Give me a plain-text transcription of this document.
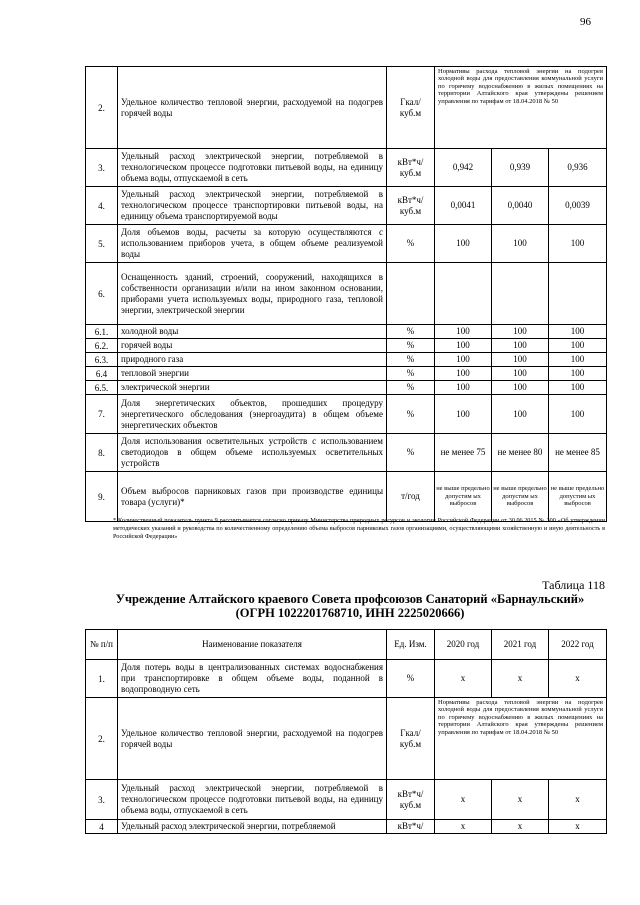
96
2.	Удельное количество тепловой энергии, расходуемой на подогрев горячей воды	Гкал/ куб.м	Нормативы расхода тепловой энергии на подогрев холодной воды для предоставления коммунальной услуги по горячему водоснабжению в жилых помещениях на территории Алтайского края утверждены решением управления по тарифам от 18.04.2018 № 50		
3.	Удельный расход электрической энергии, потребляемой в технологическом процессе подготовки питьевой воды, на единицу объема воды, отпускаемой в сеть	кВт*ч/ куб.м	0,942	0,939	0,936
4.	Удельный расход электрической энергии, потребляемой в технологическом процессе транспортировки питьевой воды, на единицу объема транспортируемой воды	кВт*ч/ куб.м	0,0041	0,0040	0,0039
5.	Доля объемов воды, расчеты за которую осуществляются с использованием приборов учета, в общем объеме реализуемой воды	%	100	100	100
6.	Оснащенность зданий, строений, сооружений, находящихся в собственности организации и/или на ином законном основании, приборами учета используемых воды, природного газа, тепловой энергии, электрической энергии				
6.1.	холодной воды	%	100	100	100
6.2.	горячей воды	%	100	100	100
6.3.	природного газа	%	100	100	100
6.4	тепловой энергии	%	100	100	100
6.5.	электрической энергии	%	100	100	100
7.	Доля энергетических объектов, прошедших процедуру энергетического обследования (энергоаудита) в общем объеме энергетических объектов	%	100	100	100
8.	Доля использования осветительных устройств с использованием светодиодов в общем объеме используемых осветительных устройств	%	не менее 75	не менее 80	не менее 85
9.	Объем выбросов парниковых газов при производстве единицы товара (услуги)*	т/год	не выше предельно допустим ых выбросов	не выше предельно допустим ых выбросов	не выше предельно допустим ых выбросов
* Количественный показатель пункта 9 рассчитывается согласно приказу Министерства природных ресурсов и экологии Российской Федерации от 30.06.2015 № 300 «Об утверждении методических указаний и руководства по количественному определению объема выбросов парниковых газов организациями, осуществляющими хозяйственную и иную деятельность в Российской Федерации»
Таблица 118
Учреждение Алтайского краевого Совета профсоюзов Санаторий «Барнаульский»
(ОГРН 1022201768710, ИНН 2225020666)
№ п/п	Наименование показателя	Ед. Изм.	2020 год	2021 год	2022 год
1.	Доля потерь воды в централизованных системах водоснабжения при транспортировке в общем объеме воды, поданной в водопроводную сеть	%	х	х	х
2.	Удельное количество тепловой энергии, расходуемой на подогрев горячей воды	Гкал/ куб.м	Нормативы расхода тепловой энергии на подогрев холодной воды для предоставления коммунальной услуги по горячему водоснабжению в жилых помещениях на территории Алтайского края утверждены решением управления по тарифам от 18.04.2018 № 50		
3.	Удельный расход электрической энергии, потребляемой в технологическом процессе подготовки питьевой воды, на единицу объема воды, отпускаемой в сеть	кВт*ч/ куб.м	х	х	х
4	Удельный расход электрической энергии, потребляемой	кВт*ч/	х	х	х
